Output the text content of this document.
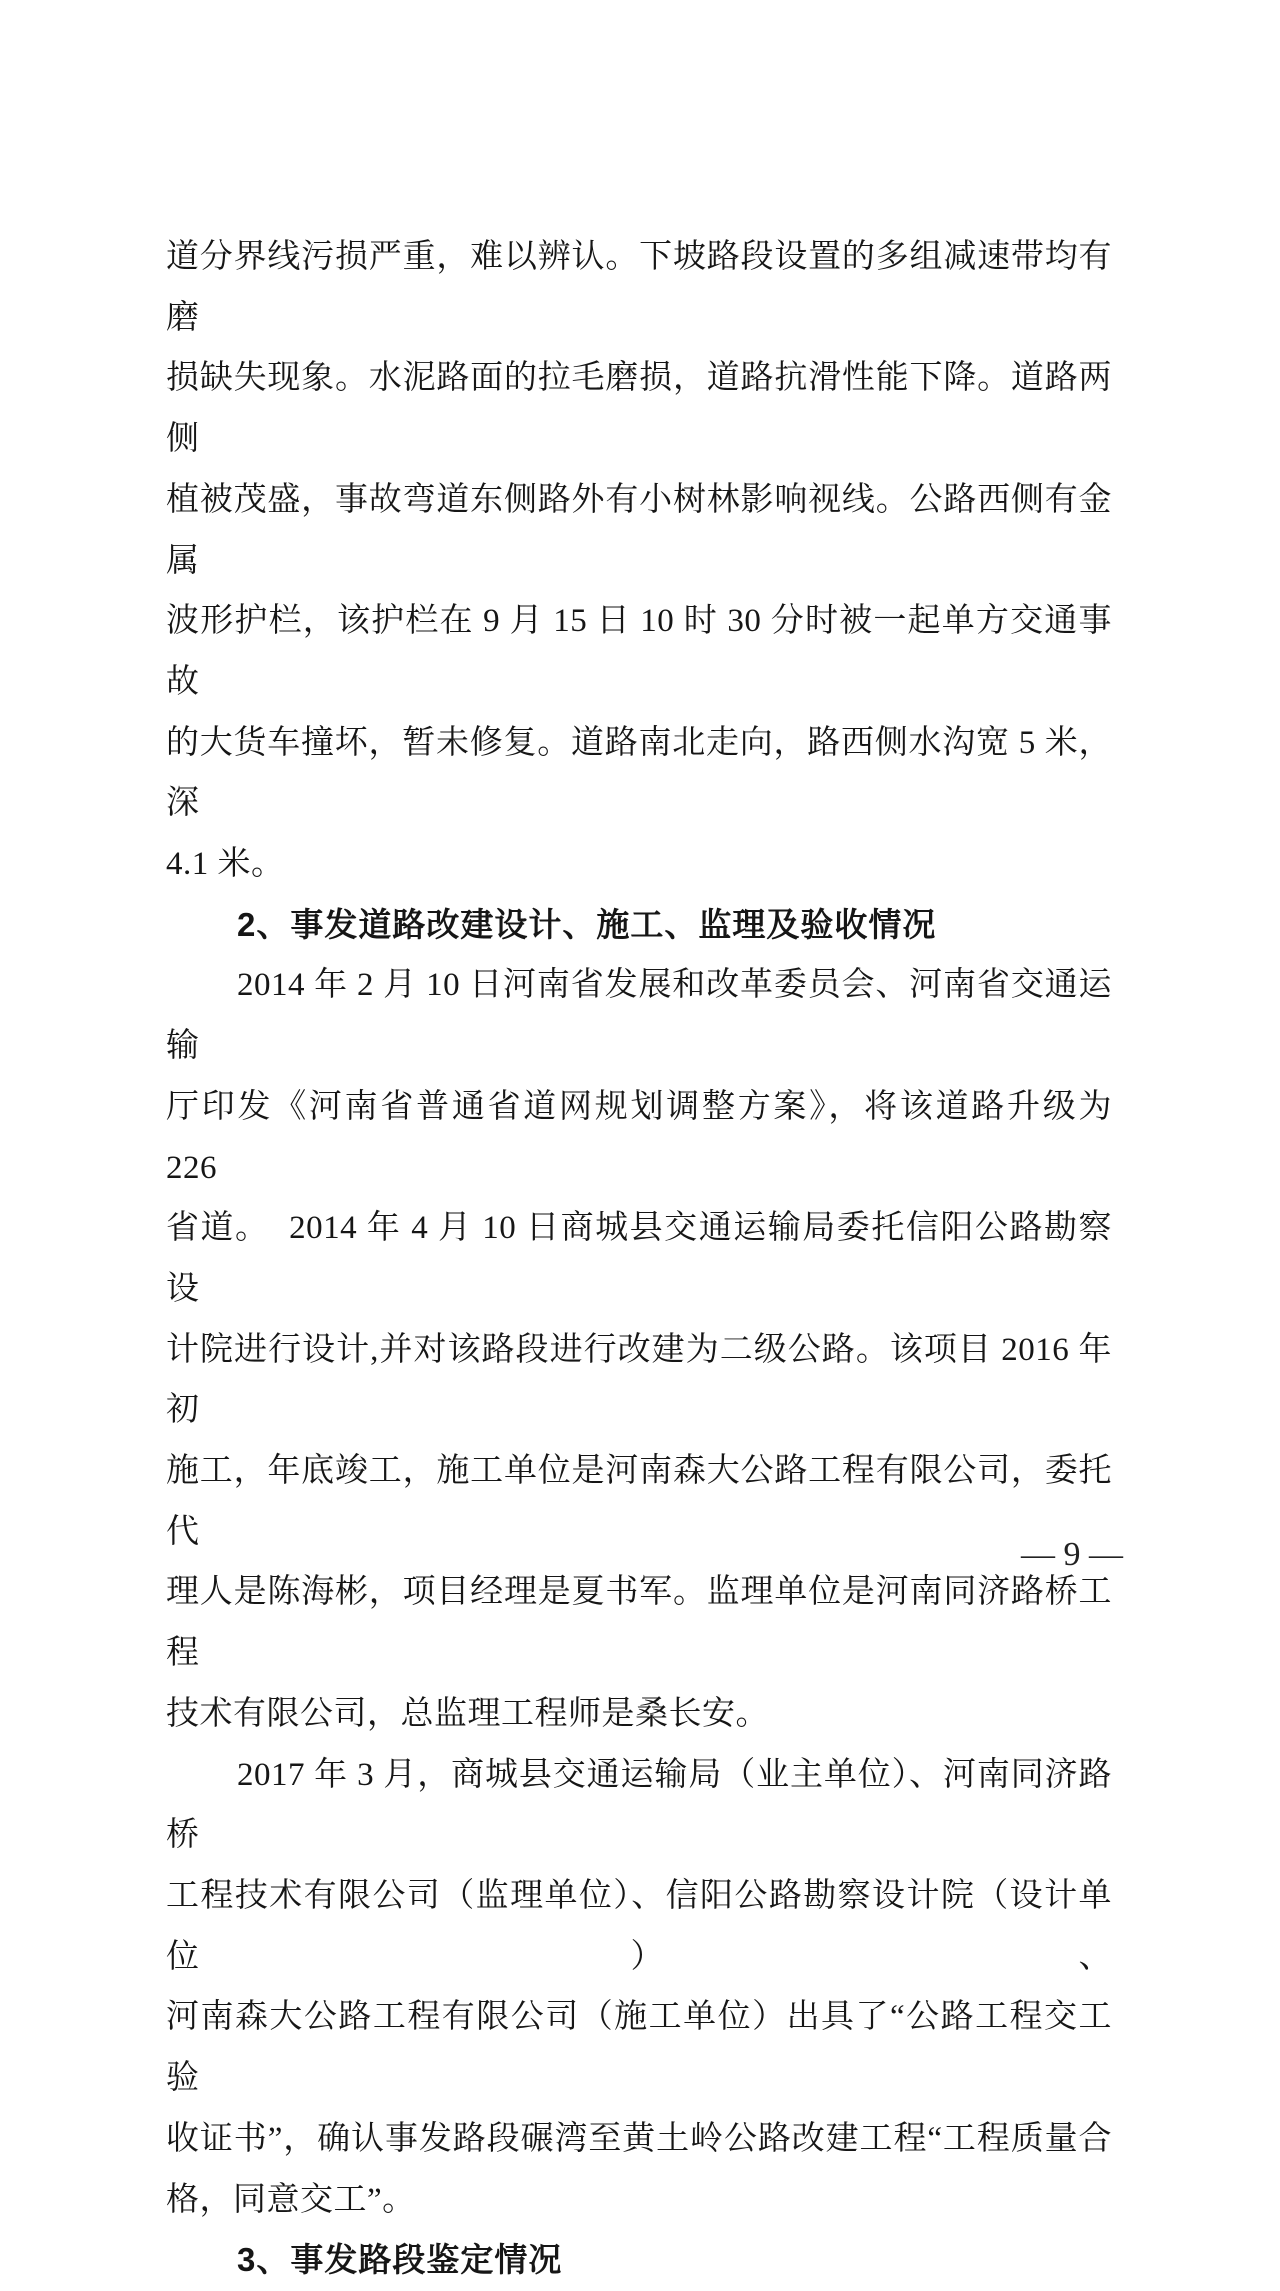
道分界线污损严重，难以辨认。下坡路段设置的多组减速带均有磨
损缺失现象。水泥路面的拉毛磨损，道路抗滑性能下降。道路两侧
植被茂盛，事故弯道东侧路外有小树林影响视线。公路西侧有金属
波形护栏，该护栏在 9 月 15 日 10 时 30 分时被一起单方交通事故
的大货车撞坏，暂未修复。道路南北走向，路西侧水沟宽 5 米，深
4.1 米。
2、事发道路改建设计、施工、监理及验收情况
2014 年 2 月 10 日河南省发展和改革委员会、河南省交通运输
厅印发《河南省普通省道网规划调整方案》，将该道路升级为 226
省道。  2014 年 4 月 10 日商城县交通运输局委托信阳公路勘察设
计院进行设计,并对该路段进行改建为二级公路。该项目 2016 年初
施工，年底竣工，施工单位是河南森大公路工程有限公司，委托代
理人是陈海彬，项目经理是夏书军。监理单位是河南同济路桥工程
技术有限公司，总监理工程师是桑长安。
2017 年 3 月，商城县交通运输局（业主单位）、河南同济路桥
工程技术有限公司（监理单位）、信阳公路勘察设计院（设计单位）、
河南森大公路工程有限公司（施工单位）出具了“公路工程交工验
收证书”，确认事发路段碾湾至黄土岭公路改建工程“工程质量合
格，同意交工”。
3、事发路段鉴定情况
— 9 —
